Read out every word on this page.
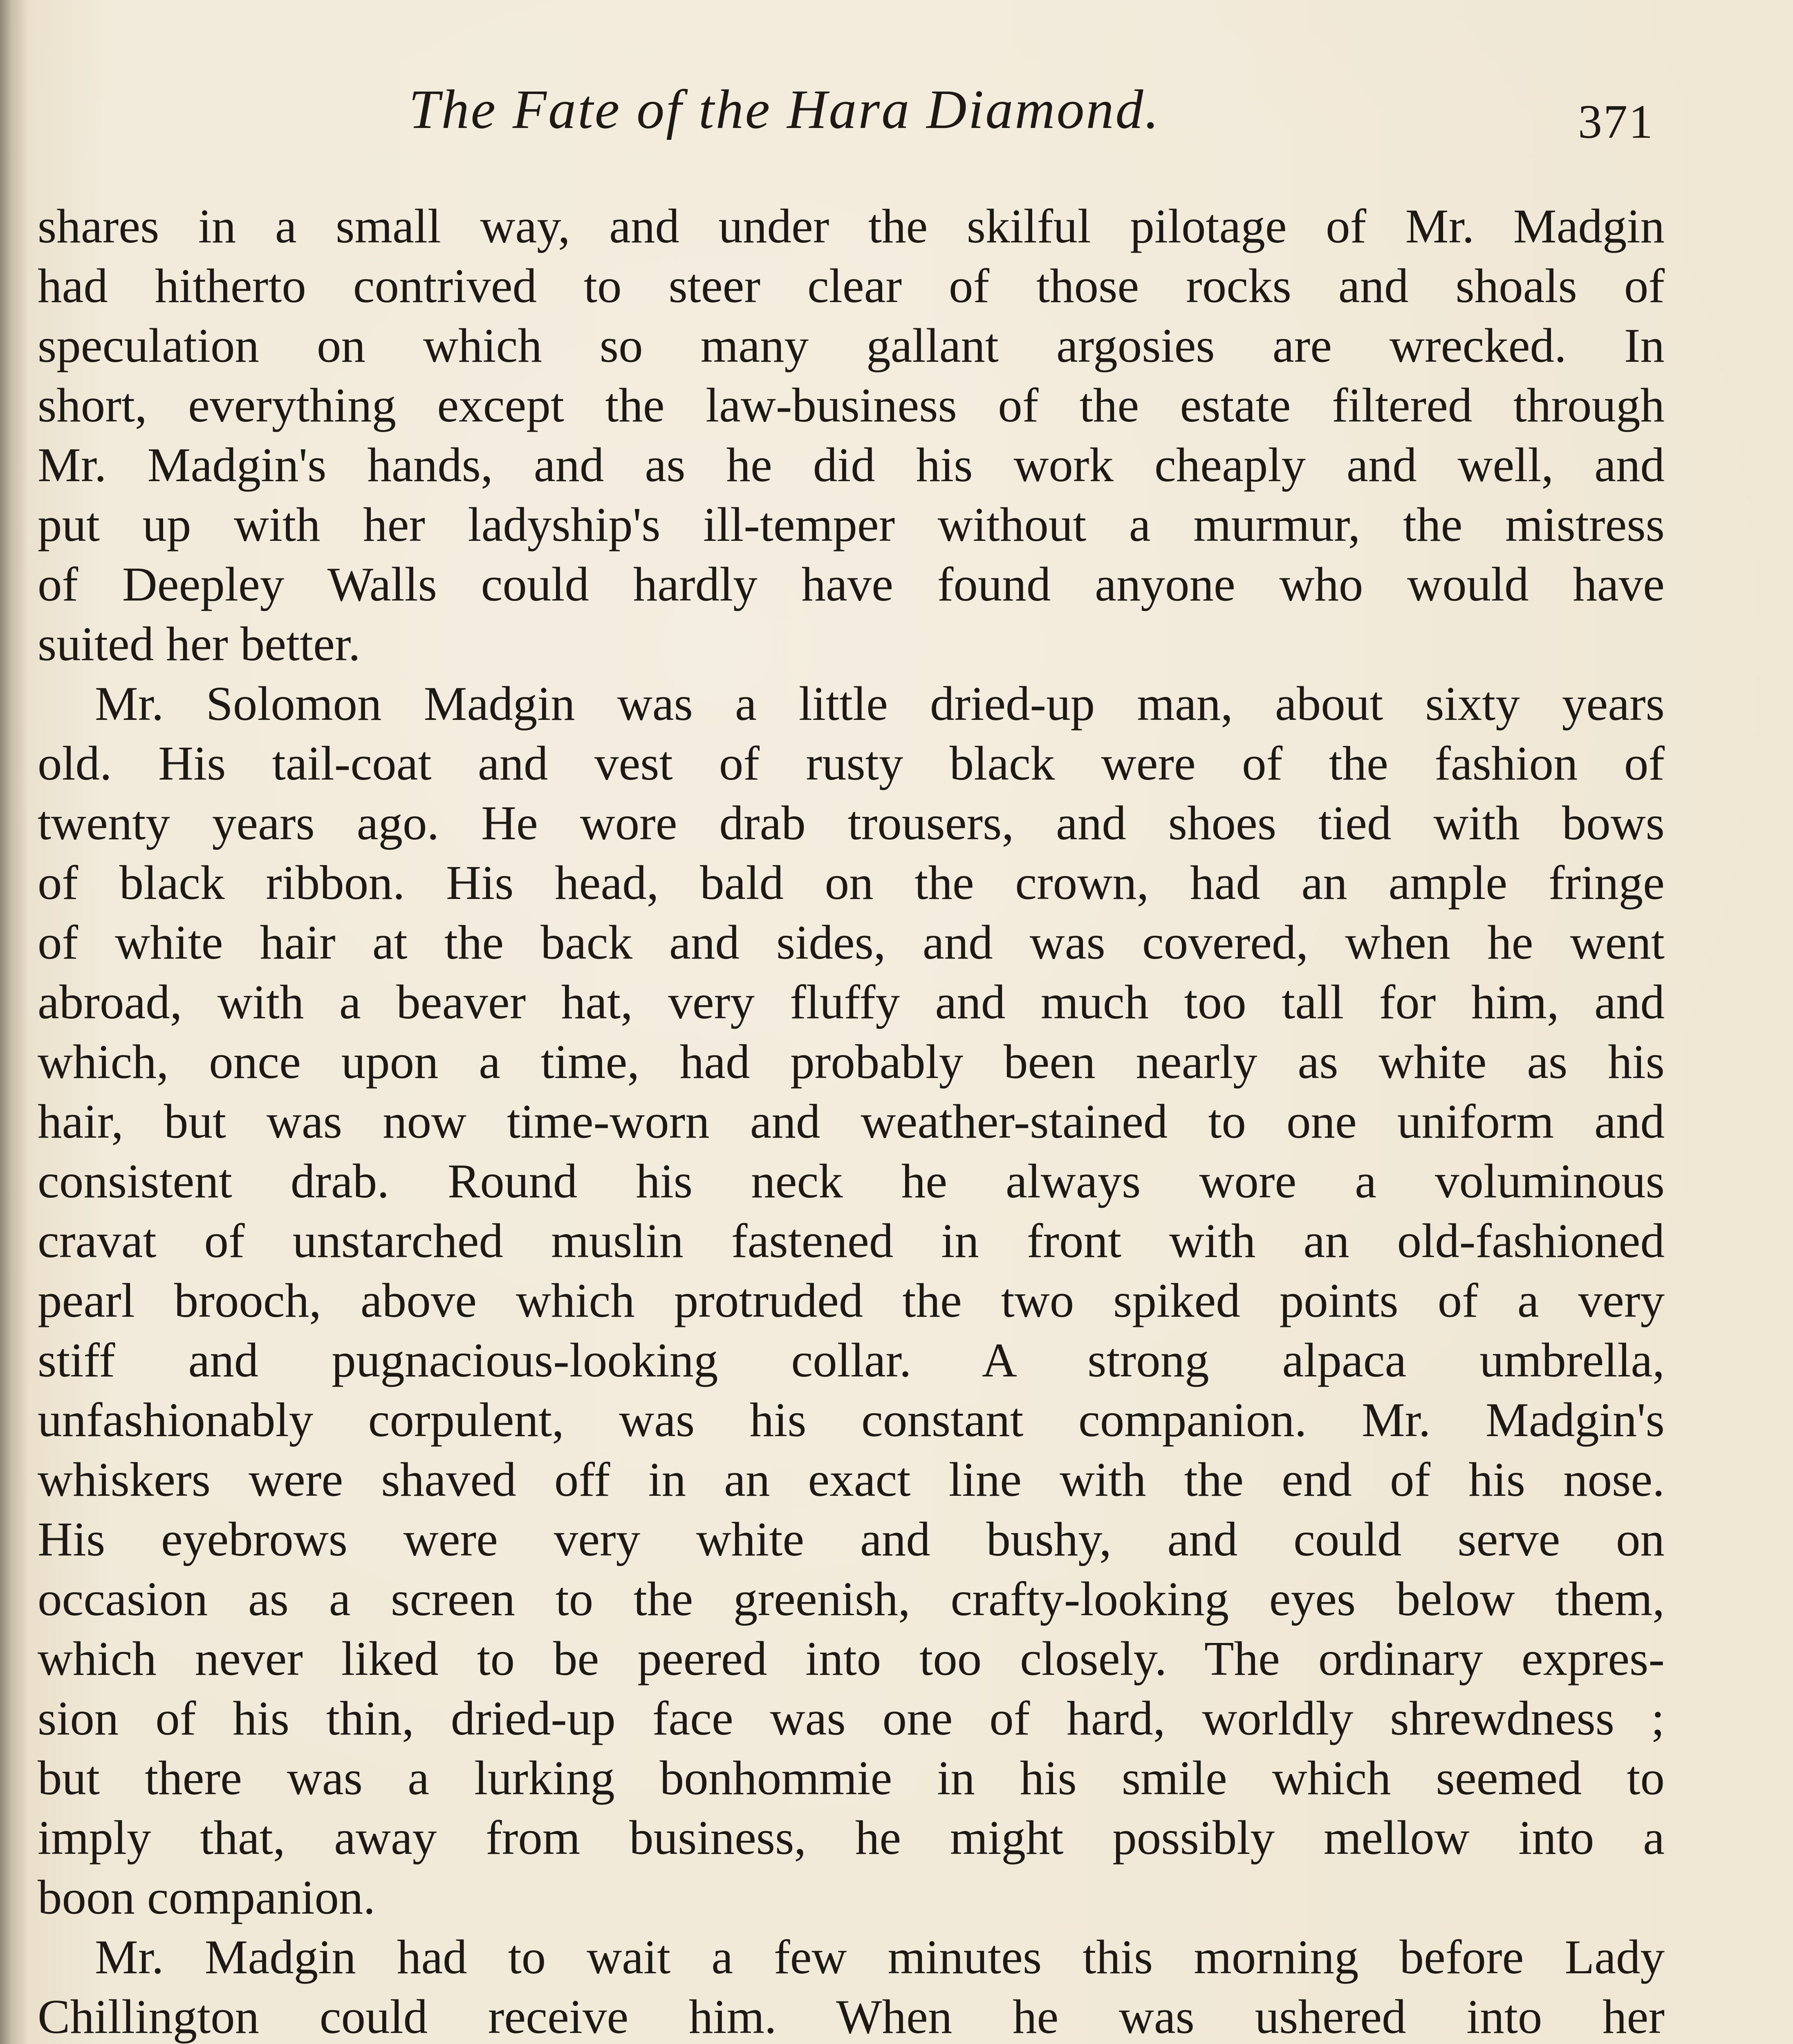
The Fate of the Hara Diamond.	371
shares in a small way, and under the skilful pilotage of Mr. Madgin
had hitherto contrived to steer clear of those rocks and shoals of
speculation on which so many gallant argosies are wrecked. In
short, everything except the law-business of the estate filtered through
Mr. Madgin's hands, and as he did his work cheaply and well, and
put up with her ladyship's ill-temper without a murmur, the mistress
of Deepley Walls could hardly have found anyone who would have
suited her better.
Mr. Solomon Madgin was a little dried-up man, about sixty years
old. His tail-coat and vest of rusty black were of the fashion of
twenty years ago. He wore drab trousers, and shoes tied with bows
of black ribbon. His head, bald on the crown, had an ample fringe
of white hair at the back and sides, and was covered, when he went
abroad, with a beaver hat, very fluffy and much too tall for him, and
which, once upon a time, had probably been nearly as white as his
hair, but was now time-worn and weather-stained to one uniform and
consistent drab. Round his neck he always wore a voluminous
cravat of unstarched muslin fastened in front with an old-fashioned
pearl brooch, above which protruded the two spiked points of a very
stiff and pugnacious-looking collar. A strong alpaca umbrella,
unfashionably corpulent, was his constant companion. Mr. Madgin's
whiskers were shaved off in an exact line with the end of his nose.
His eyebrows were very white and bushy, and could serve on
occasion as a screen to the greenish, crafty-looking eyes below them,
which never liked to be peered into too closely. The ordinary expres-
sion of his thin, dried-up face was one of hard, worldly shrewdness ;
but there was a lurking bonhommie in his smile which seemed to
imply that, away from business, he might possibly mellow into a
boon companion.
Mr. Madgin had to wait a few minutes this morning before Lady
Chillington could receive him. When he was ushered into her
